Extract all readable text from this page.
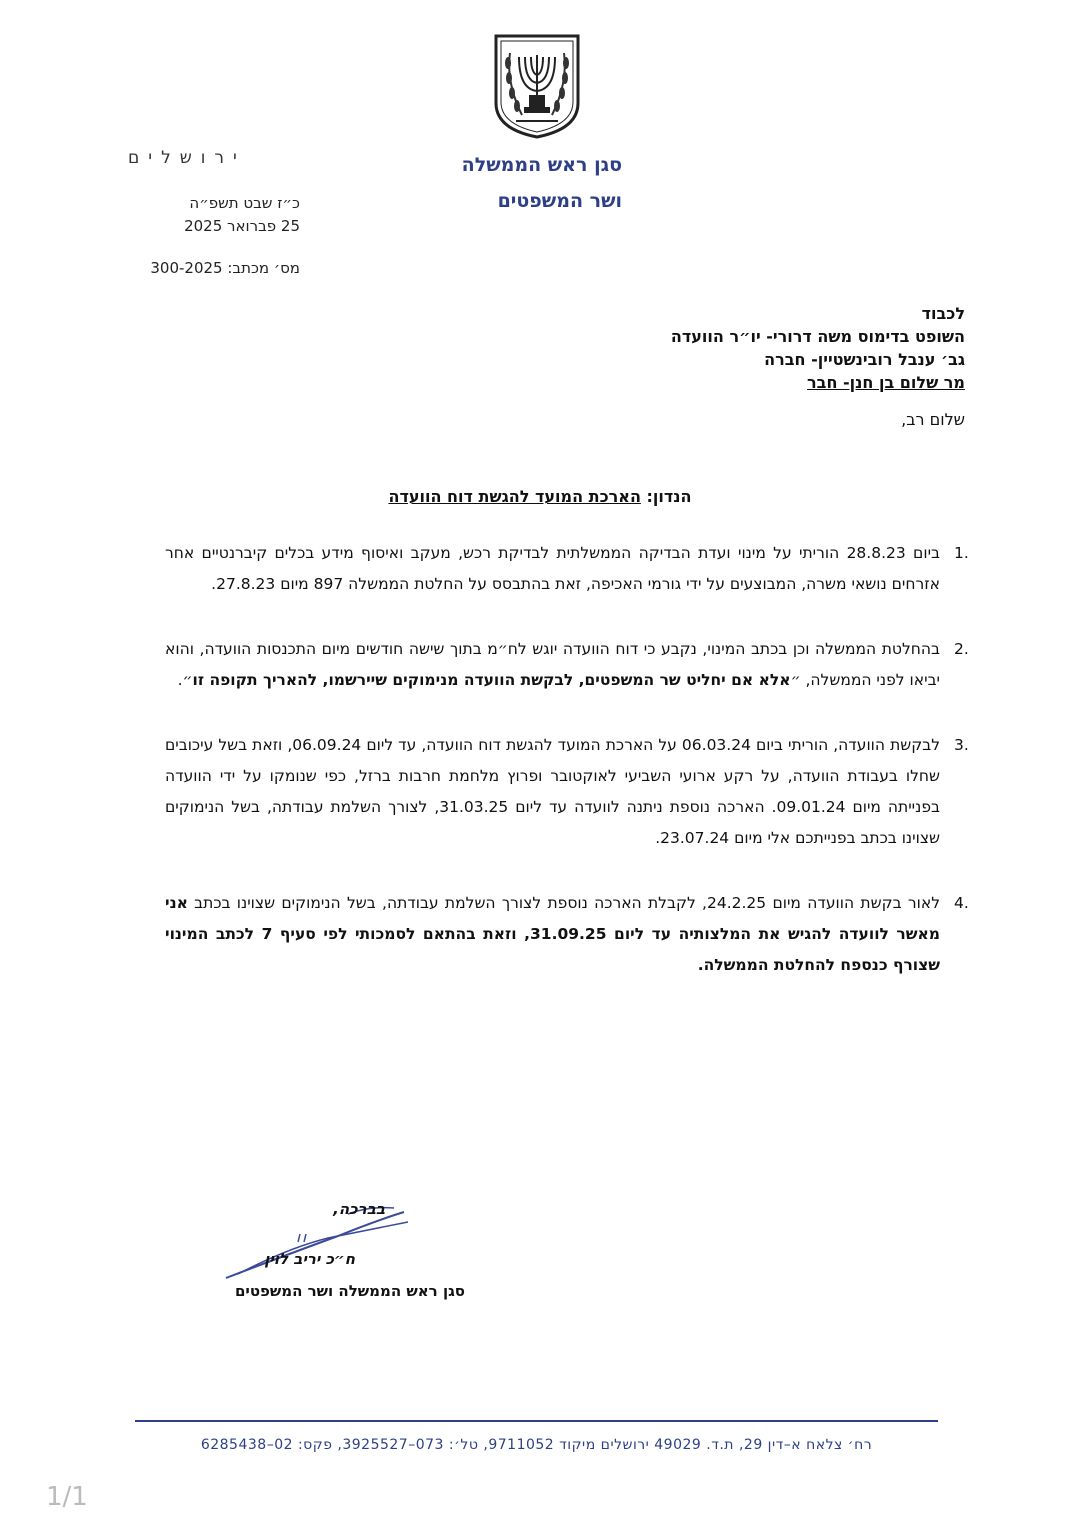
סגן ראש הממשלה
ושר המשפטים
ירושלים
כ״ז שבט תשפ״ה
25 פברואר 2025
מס׳ מכתב: 300-2025
לכבוד
השופט בדימוס משה דרורי- יו״ר הוועדה
גב׳ ענבל רובינשטיין- חברה
מר שלום בן חנן- חבר
שלום רב,
הנדון: הארכת המועד להגשת דוח הוועדה
.1

ביום 28.8.23 הוריתי על מינוי ועדת הבדיקה הממשלתית לבדיקת רכש, מעקב ואיסוף מידע בכלים קיברנטיים אחר אזרחים נושאי משרה, המבוצעים על ידי גורמי האכיפה, זאת בהתבסס על החלטת הממשלה 897 מיום 27.8.23.

.2

בהחלטת הממשלה וכן בכתב המינוי, נקבע כי דוח הוועדה יוגש לח״מ בתוך שישה חודשים מיום התכנסות הוועדה, והוא יביאו לפני הממשלה, ״אלא אם יחליט שר המשפטים, לבקשת הוועדה מנימוקים שיירשמו, להאריך תקופה זו״.

.3

לבקשת הוועדה, הוריתי ביום 06.03.24 על הארכת המועד להגשת דוח הוועדה, עד ליום 06.09.24, וזאת בשל עיכובים שחלו בעבודת הוועדה, על רקע ארועי השביעי לאוקטובר ופרוץ מלחמת חרבות ברזל, כפי שנומקו על ידי הוועדה בפנייתה מיום 09.01.24. הארכה נוספת ניתנה לוועדה עד ליום 31.03.25, לצורך השלמת עבודתה, בשל הנימוקים שצוינו בכתב בפנייתכם אלי מיום 23.07.24.

.4

לאור בקשת הוועדה מיום 24.2.25, לקבלת הארכה נוספת לצורך השלמת עבודתה, בשל הנימוקים שצוינו בכתב אני מאשר לוועדה להגיש את המלצותיה עד ליום 31.09.25, וזאת בהתאם לסמכותי לפי סעיף 7 לכתב המינוי שצורף כנספח להחלטת הממשלה.

בברכה,
ח״כ יריב לוין
סגן ראש הממשלה ושר המשפטים
רח׳ צלאח א–דין 29, ת.ד. 49029 ירושלים מיקוד 9711052, טל׳: 073–3925527, פקס: 02–6285438
1/1
